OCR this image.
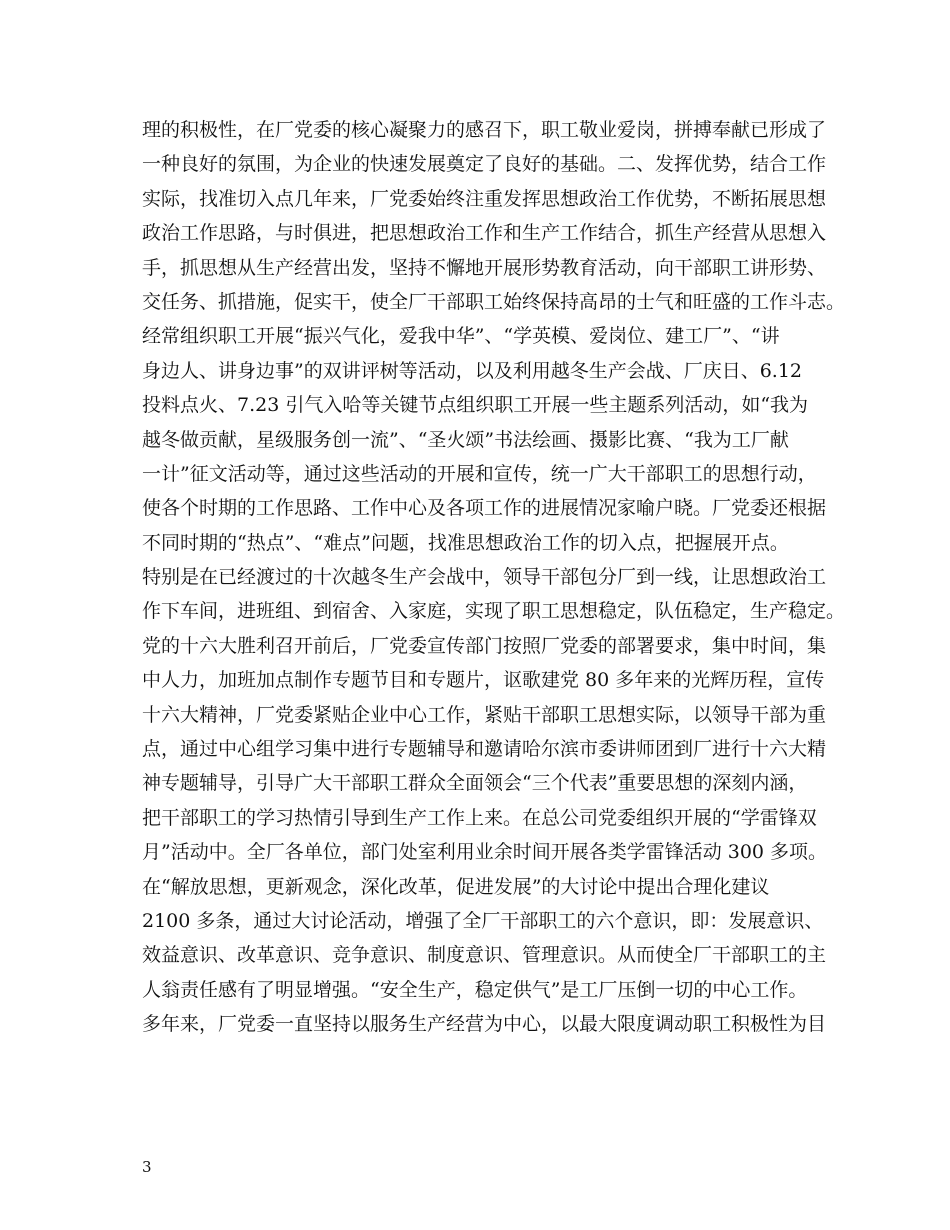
理的积极性，在厂党委的核心凝聚力的感召下，职工敬业爱岗，拼搏奉献已形成了
一种良好的氛围，为企业的快速发展奠定了良好的基础。二、发挥优势，结合工作
实际，找准切入点几年来，厂党委始终注重发挥思想政治工作优势，不断拓展思想
政治工作思路，与时俱进，把思想政治工作和生产工作结合，抓生产经营从思想入
手，抓思想从生产经营出发，坚持不懈地开展形势教育活动，向干部职工讲形势、
交任务、抓措施，促实干，使全厂干部职工始终保持高昂的士气和旺盛的工作斗志。
经常组织职工开展“振兴气化，爱我中华”、“学英模、爱岗位、建工厂”、“讲
身边人、讲身边事”的双讲评树等活动，以及利用越冬生产会战、厂庆日、6.12
投料点火、7.23 引气入哈等关键节点组织职工开展一些主题系列活动，如“我为
越冬做贡献，星级服务创一流”、“圣火颂”书法绘画、摄影比赛、“我为工厂献
一计”征文活动等，通过这些活动的开展和宣传，统一广大干部职工的思想行动，
使各个时期的工作思路、工作中心及各项工作的进展情况家喻户晓。厂党委还根据
不同时期的“热点”、“难点”问题，找准思想政治工作的切入点，把握展开点。
特别是在已经渡过的十次越冬生产会战中，领导干部包分厂到一线，让思想政治工
作下车间，进班组、到宿舍、入家庭，实现了职工思想稳定，队伍稳定，生产稳定。
党的十六大胜利召开前后，厂党委宣传部门按照厂党委的部署要求，集中时间，集
中人力，加班加点制作专题节目和专题片，讴歌建党 80 多年来的光辉历程，宣传
十六大精神，厂党委紧贴企业中心工作，紧贴干部职工思想实际，以领导干部为重
点，通过中心组学习集中进行专题辅导和邀请哈尔滨市委讲师团到厂进行十六大精
神专题辅导，引导广大干部职工群众全面领会“三个代表”重要思想的深刻内涵，
把干部职工的学习热情引导到生产工作上来。在总公司党委组织开展的“学雷锋双
月”活动中。全厂各单位，部门处室利用业余时间开展各类学雷锋活动 300 多项。
在“解放思想，更新观念，深化改革，促进发展”的大讨论中提出合理化建议
2100 多条，通过大讨论活动，增强了全厂干部职工的六个意识，即：发展意识、
效益意识、改革意识、竞争意识、制度意识、管理意识。从而使全厂干部职工的主
人翁责任感有了明显增强。“安全生产，稳定供气”是工厂压倒一切的中心工作。
多年来，厂党委一直坚持以服务生产经营为中心，以最大限度调动职工积极性为目
3
